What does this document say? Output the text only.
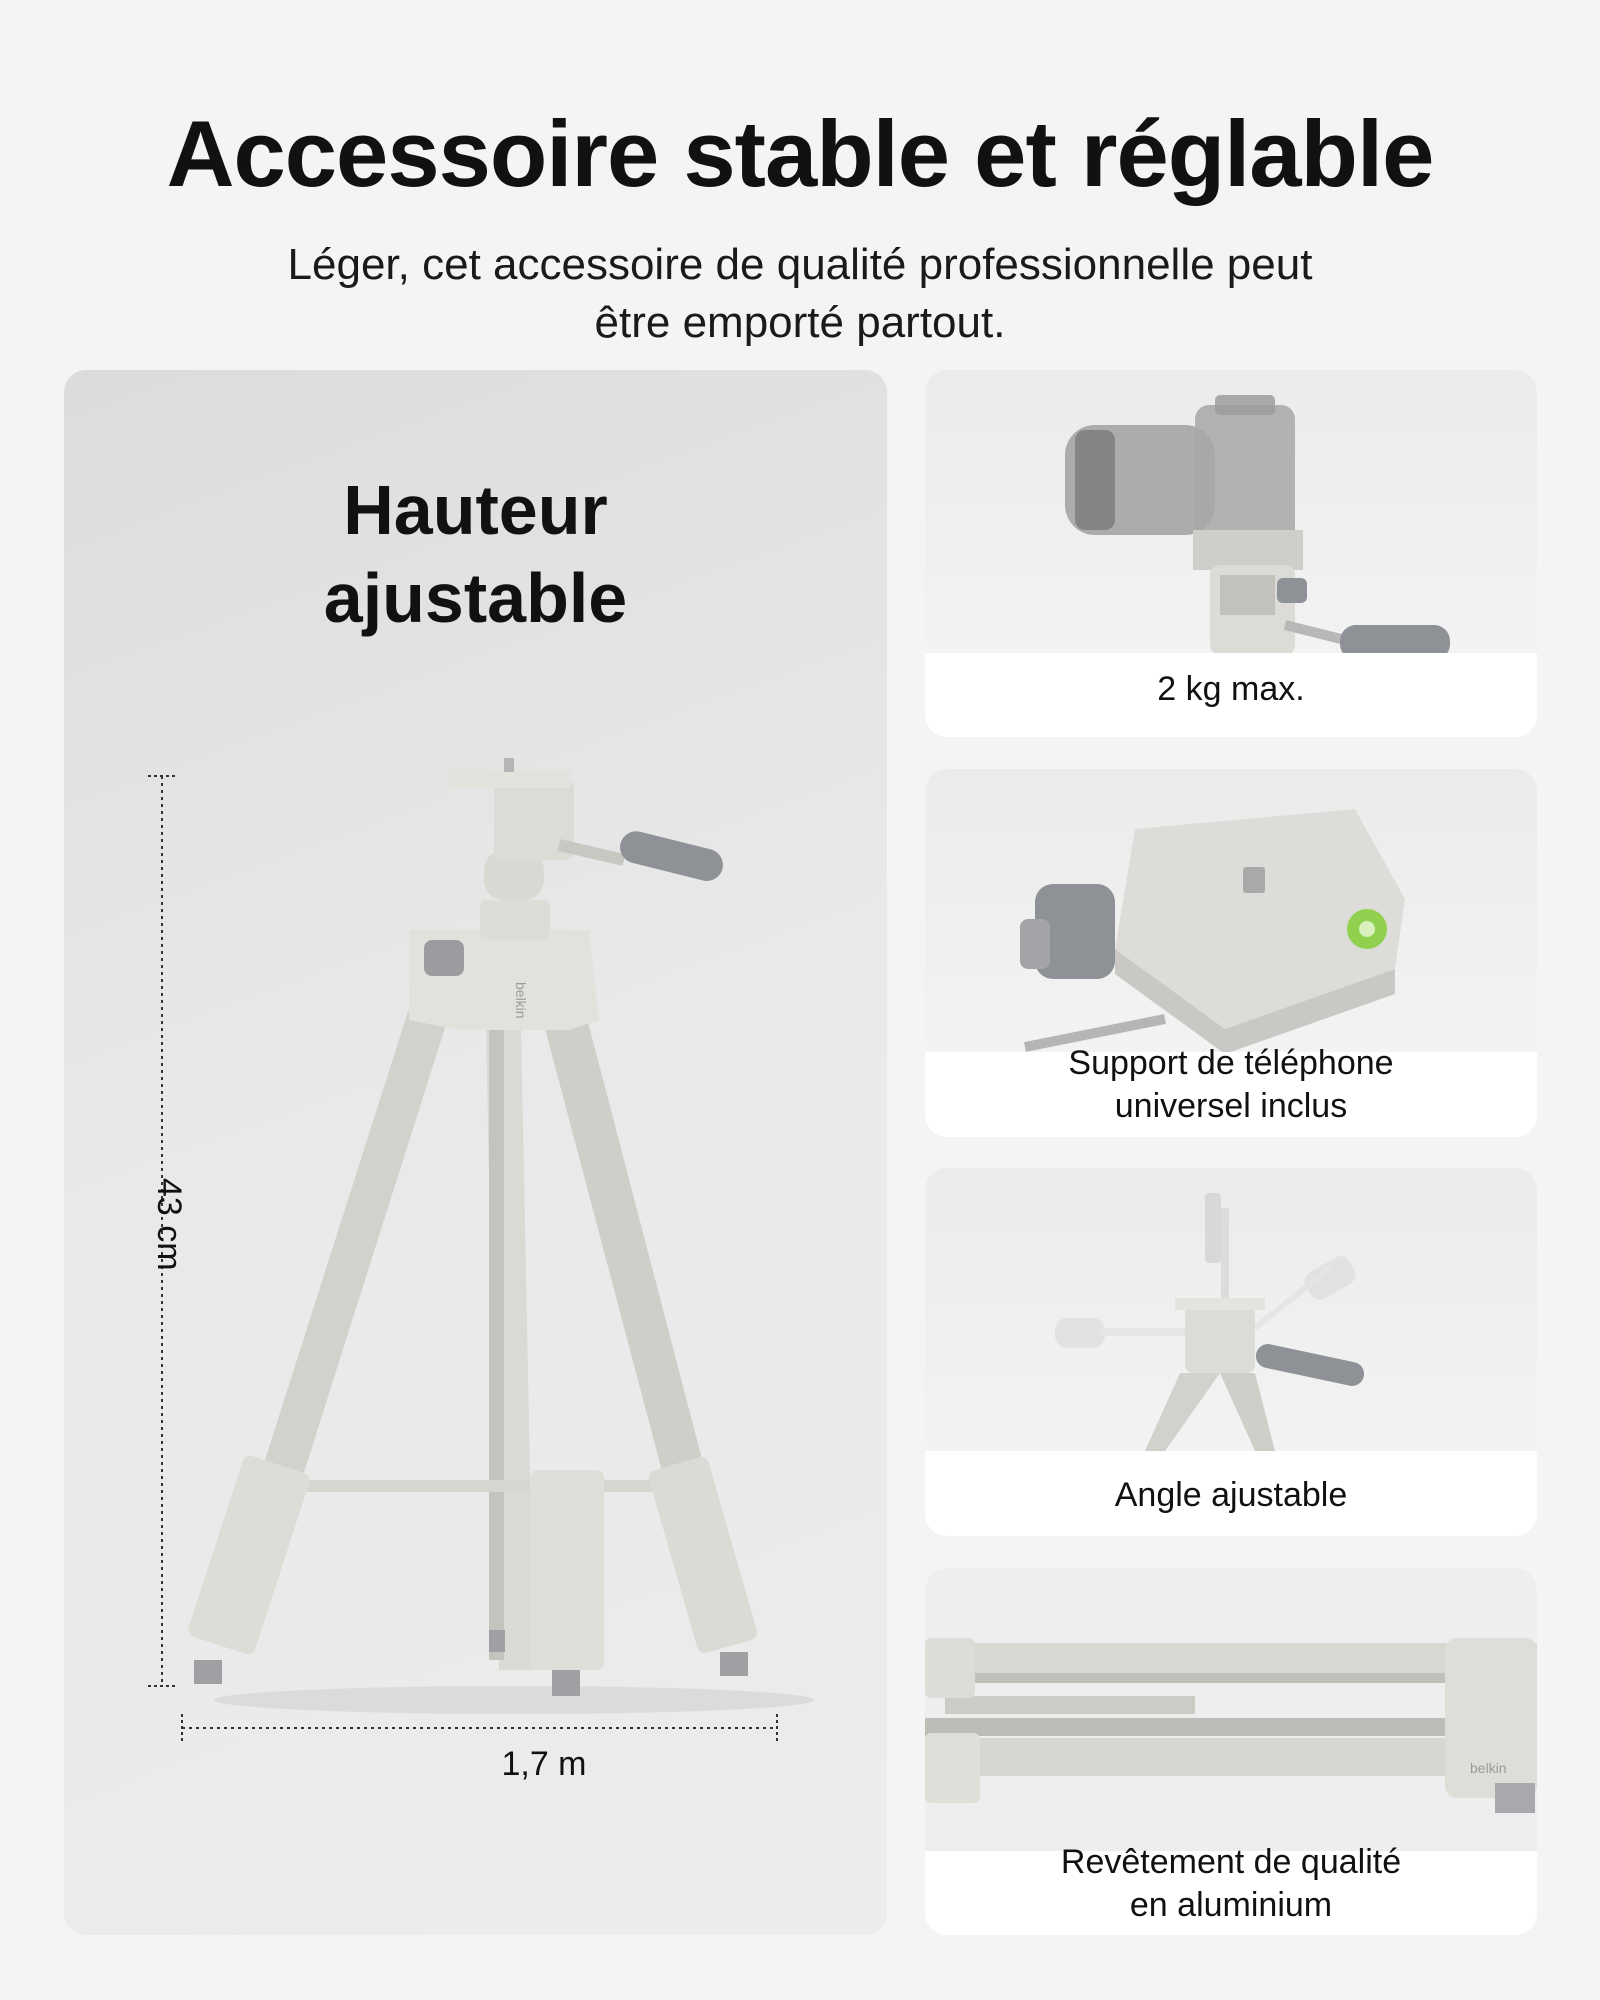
Accessoire stable et réglable

Léger, cet accessoire de qualité professionnelle peut
être emporté partout.

Hauteur
ajustable
belkin
43 cm
1,7 m
2 kg max.
Support de téléphone
universel inclus
Angle ajustable
belkin
Revêtement de qualité
en aluminium
